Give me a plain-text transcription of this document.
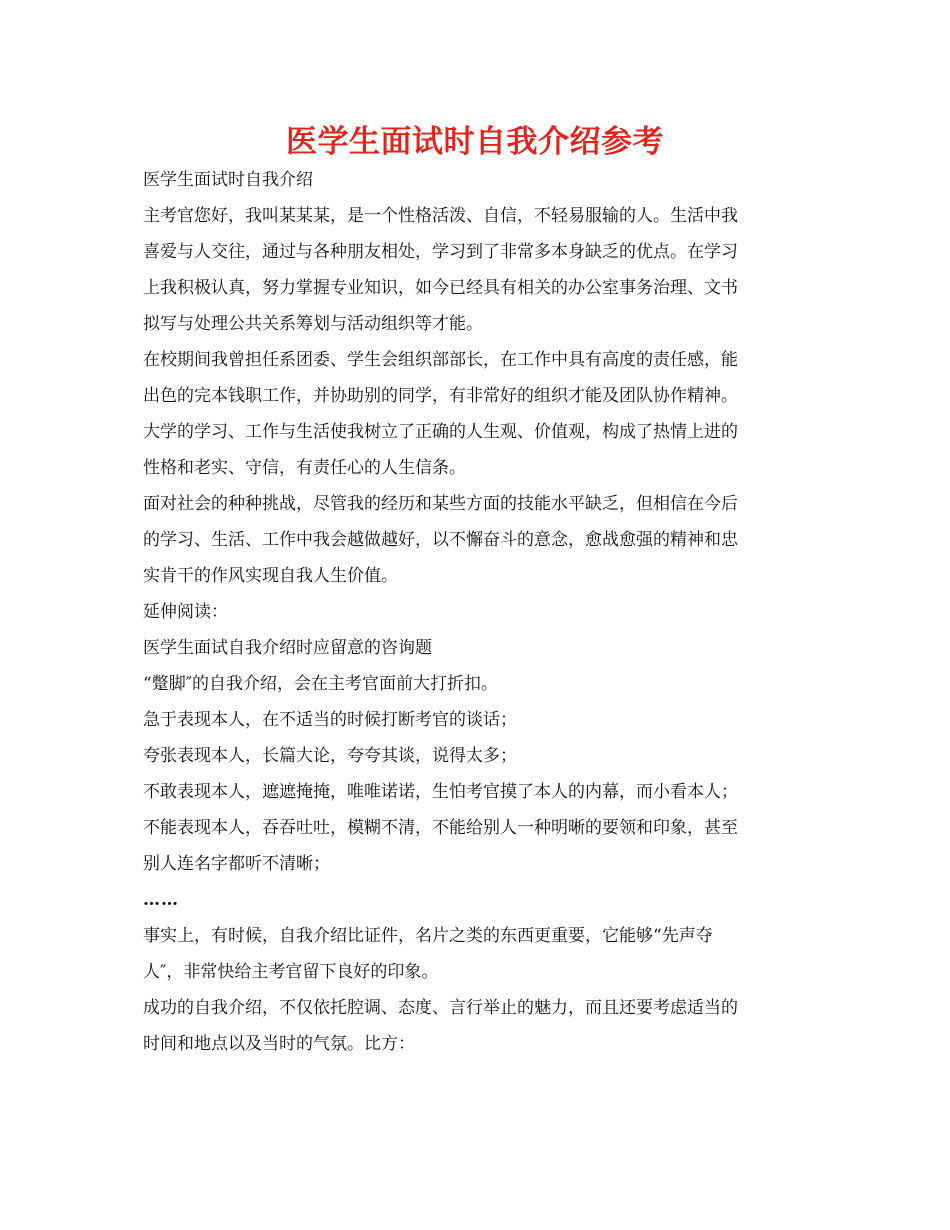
医学生面试时自我介绍参考

医学生面试时自我介绍

主考官您好，我叫某某某，是一个性格活泼、自信，不轻易服输的人。生活中我

喜爱与人交往，通过与各种朋友相处，学习到了非常多本身缺乏的优点。在学习

上我积极认真，努力掌握专业知识，如今已经具有相关的办公室事务治理、文书

拟写与处理公共关系筹划与活动组织等才能。

在校期间我曾担任系团委、学生会组织部部长，在工作中具有高度的责任感，能

出色的完本钱职工作，并协助别的同学，有非常好的组织才能及团队协作精神。

大学的学习、工作与生活使我树立了正确的人生观、价值观，构成了热情上进的

性格和老实、守信，有责任心的人生信条。

面对社会的种种挑战，尽管我的经历和某些方面的技能水平缺乏，但相信在今后

的学习、生活、工作中我会越做越好，以不懈奋斗的意念，愈战愈强的精神和忠

实肯干的作风实现自我人生价值。

延伸阅读：

医学生面试自我介绍时应留意的咨询题

“蹩脚″的自我介绍，会在主考官面前大打折扣。

急于表现本人，在不适当的时候打断考官的谈话；

夸张表现本人，长篇大论，夸夸其谈，说得太多；

不敢表现本人，遮遮掩掩，唯唯诺诺，生怕考官摸了本人的内幕，而小看本人；

不能表现本人，吞吞吐吐，模糊不清，不能给别人一种明晰的要领和印象，甚至

别人连名字都听不清晰；

……

事实上，有时候，自我介绍比证件，名片之类的东西更重要，它能够“先声夺

人″，非常快给主考官留下良好的印象。

成功的自我介绍，不仅依托腔调、态度、言行举止的魅力，而且还要考虑适当的

时间和地点以及当时的气氛。比方：
